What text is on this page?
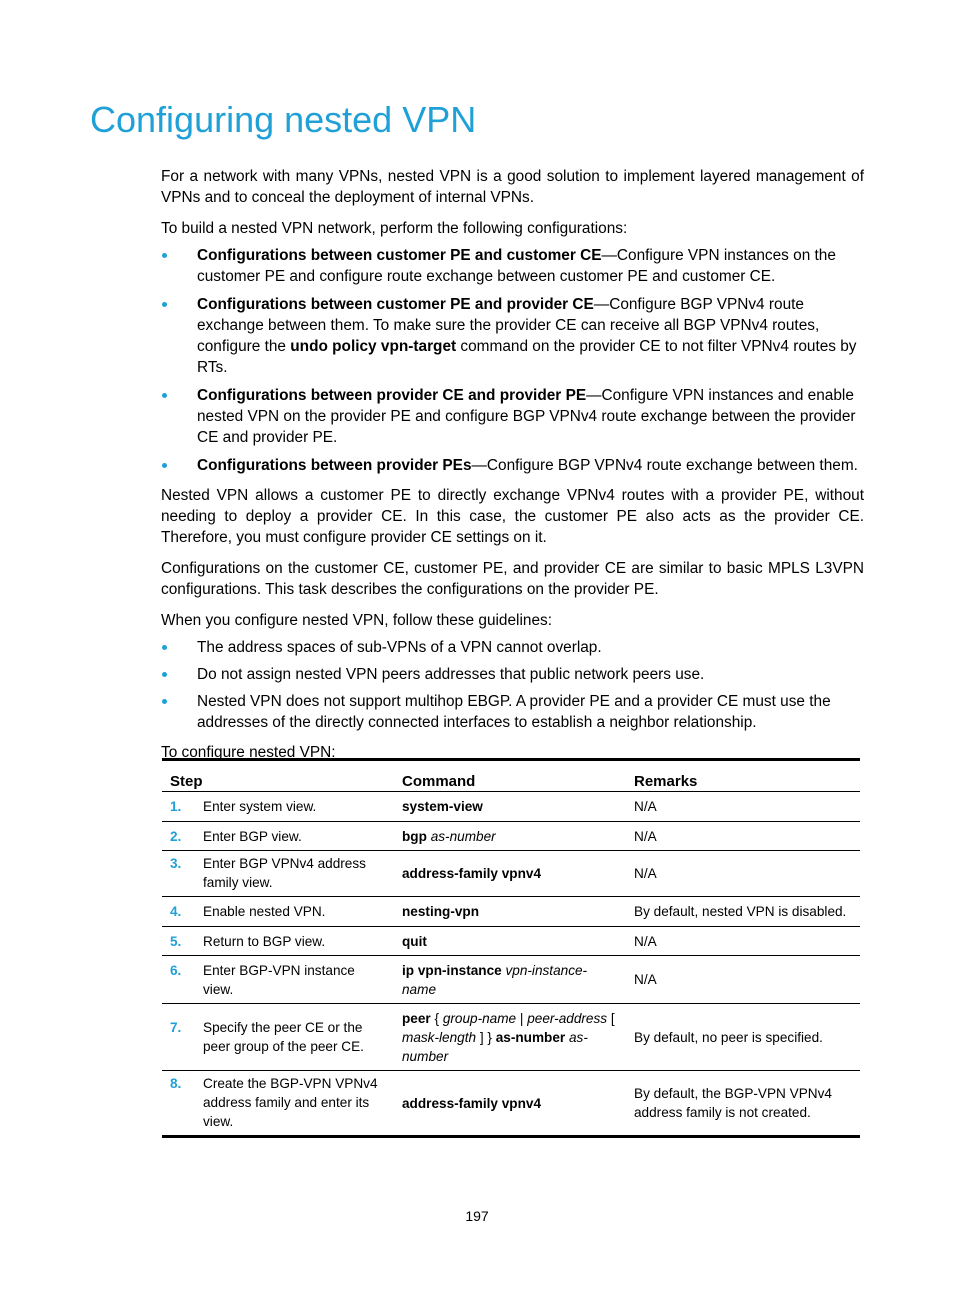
Configuring nested VPN

For a network with many VPNs, nested VPN is a good solution to implement layered management of VPNs and to conceal the deployment of internal VPNs.

To build a nested VPN network, perform the following configurations:

Configurations between customer PE and customer CE—Configure VPN instances on the customer PE and configure route exchange between customer PE and customer CE.
Configurations between customer PE and provider CE—Configure BGP VPNv4 route exchange between them. To make sure the provider CE can receive all BGP VPNv4 routes, configure the undo policy vpn-target command on the provider CE to not filter VPNv4 routes by RTs.
Configurations between provider CE and provider PE—Configure VPN instances and enable nested VPN on the provider PE and configure BGP VPNv4 route exchange between the provider CE and provider PE.
Configurations between provider PEs—Configure BGP VPNv4 route exchange between them.

Nested VPN allows a customer PE to directly exchange VPNv4 routes with a provider PE, without needing to deploy a provider CE. In this case, the customer PE also acts as the provider CE. Therefore, you must configure provider CE settings on it.

Configurations on the customer CE, customer PE, and provider CE are similar to basic MPLS L3VPN configurations. This task describes the configurations on the provider PE.

When you configure nested VPN, follow these guidelines:

The address spaces of sub-VPNs of a VPN cannot overlap.
Do not assign nested VPN peers addresses that public network peers use.
Nested VPN does not support multihop EBGP. A provider PE and a provider CE must use the addresses of the directly connected interfaces to establish a neighbor relationship.

To configure nested VPN:

Step	Command	Remarks
1. Enter system view.	system-view	N/A
2. Enter BGP view.	bgp as-number	N/A
3. Enter BGP VPNv4 address family view.	address-family vpnv4	N/A
4. Enable nested VPN.	nesting-vpn	By default, nested VPN is disabled.
5. Return to BGP view.	quit	N/A
6. Enter BGP-VPN instance view.	ip vpn-instance vpn-instance-name	N/A
7. Specify the peer CE or the peer group of the peer CE.	peer { group-name | peer-address [ mask-length ] } as-number as-number	By default, no peer is specified.
8. Create the BGP-VPN VPNv4 address family and enter its view.	address-family vpnv4	By default, the BGP-VPN VPNv4 address family is not created.
197
